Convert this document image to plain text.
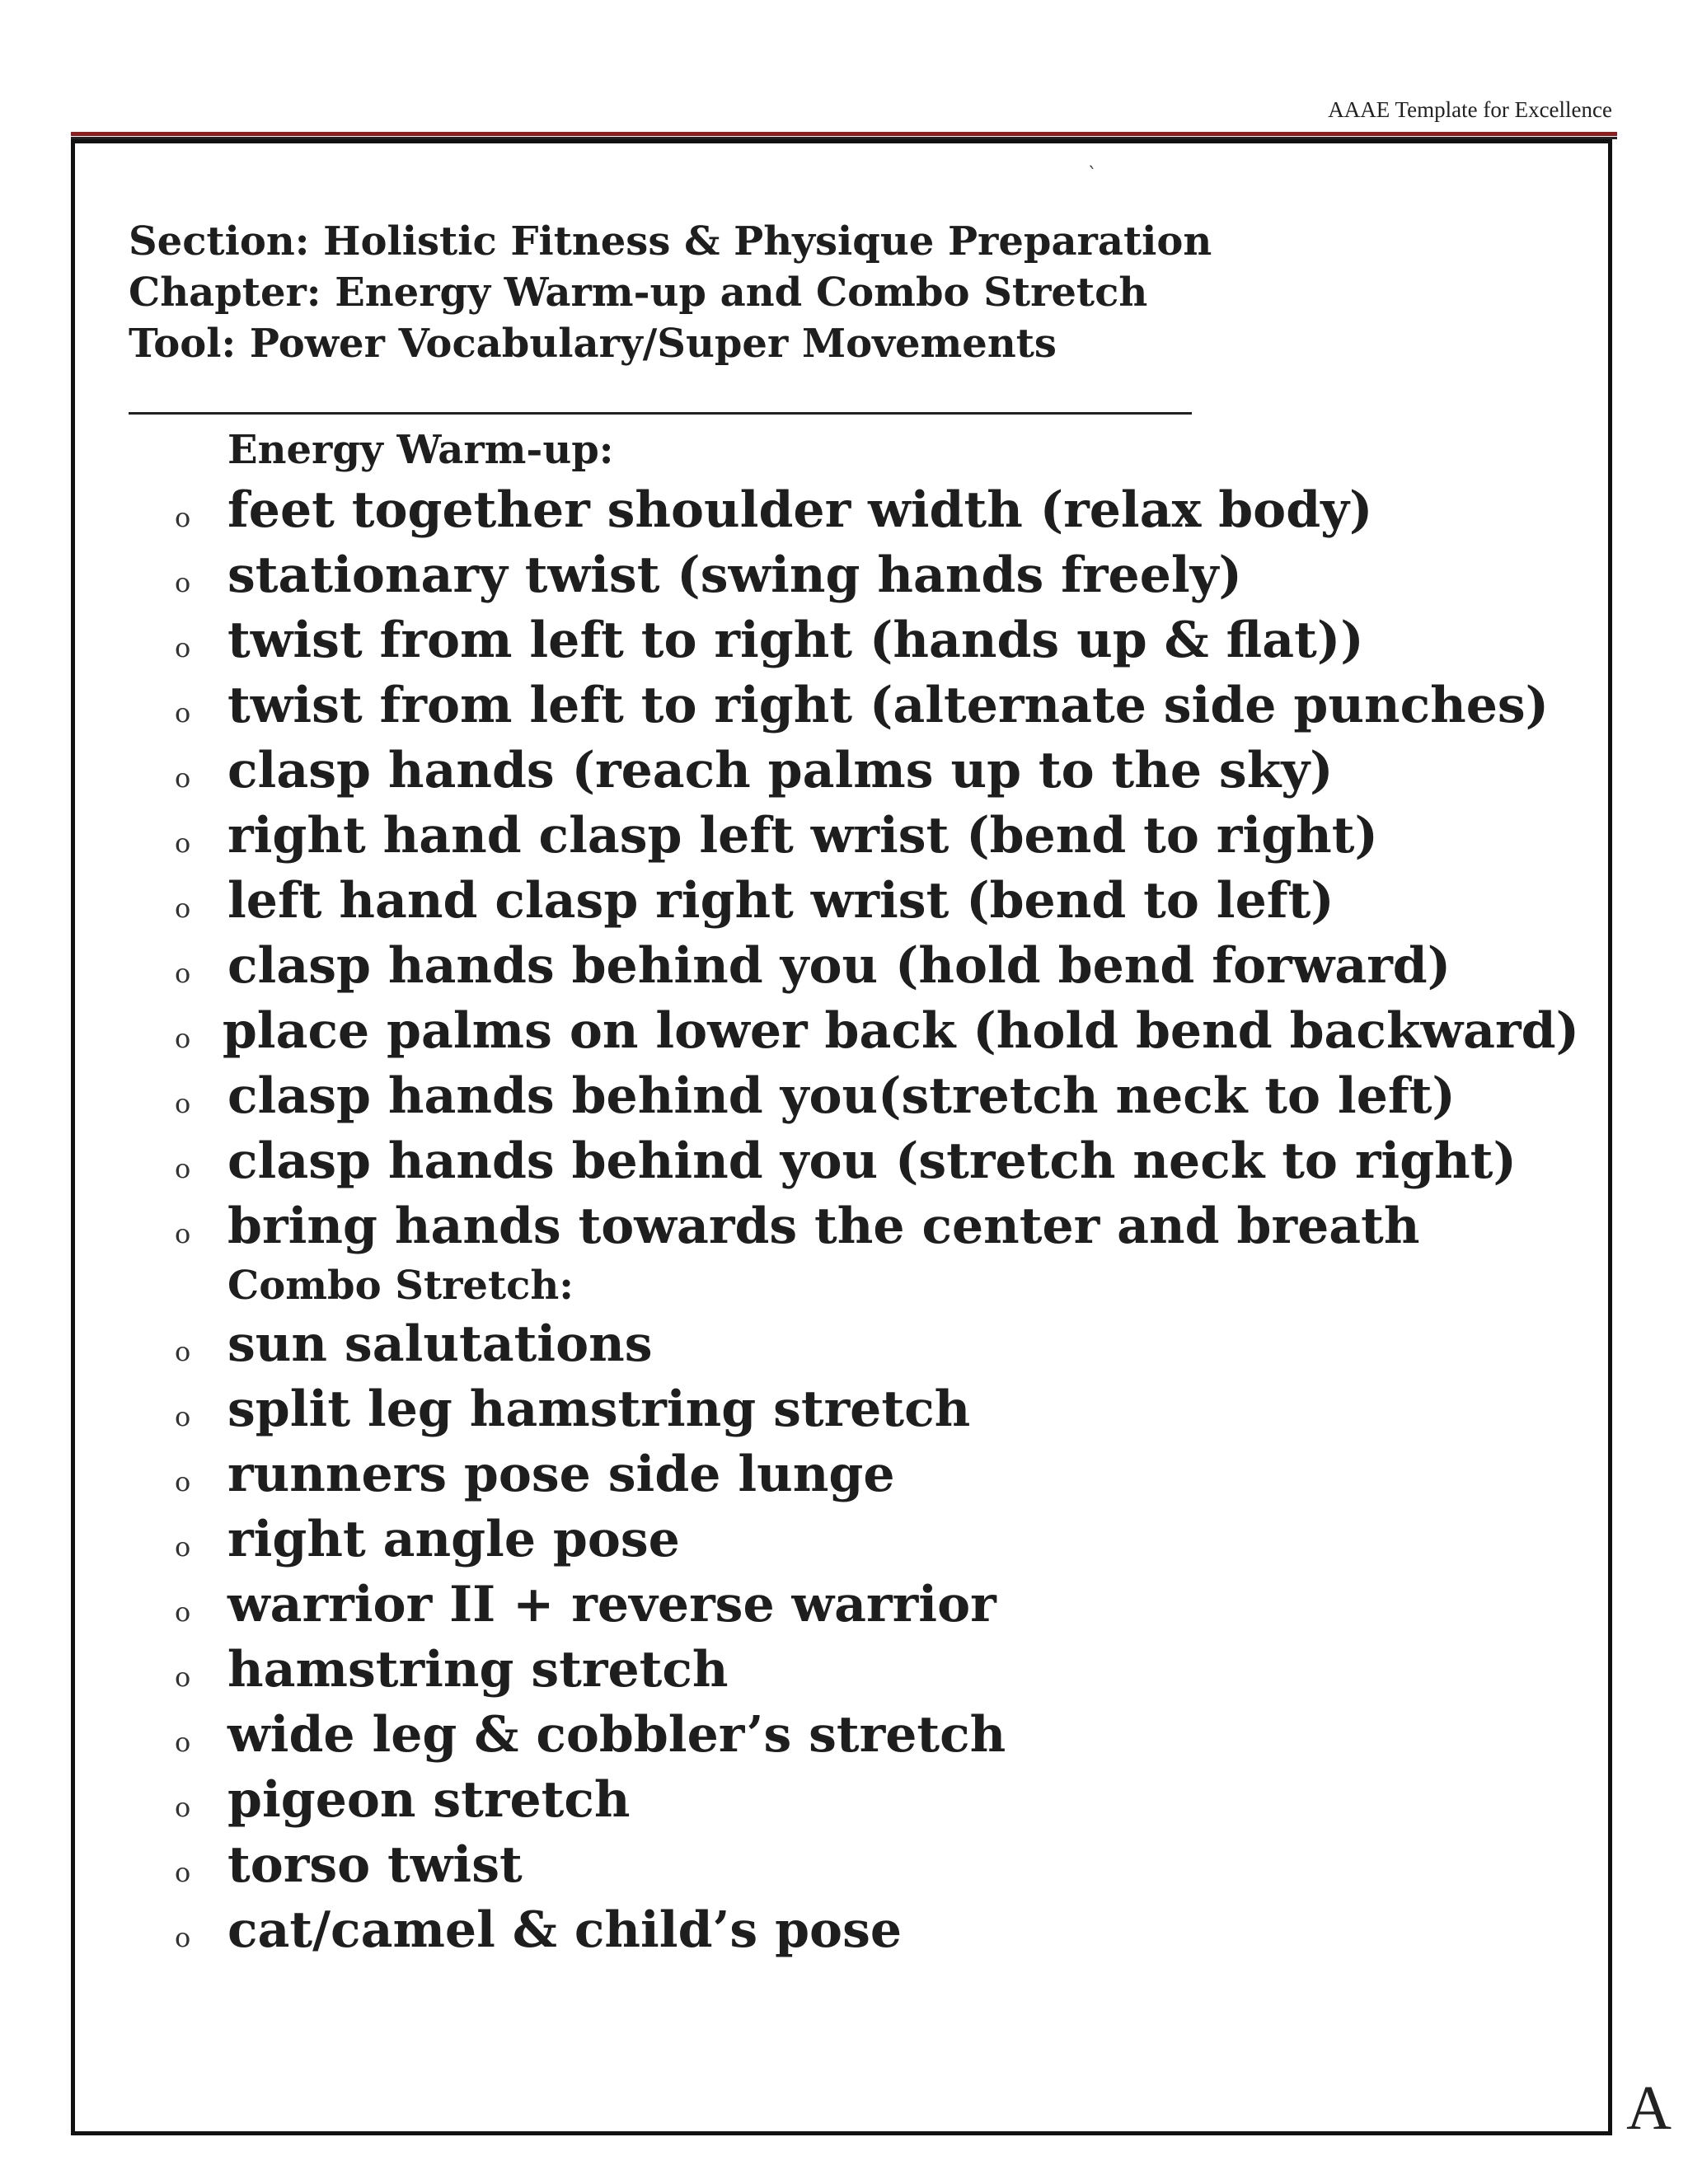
AAAE Template for Excellence
`
Section: Holistic Fitness & Physique Preparation
Chapter: Energy Warm-up and Combo Stretch
Tool: Power Vocabulary/Super Movements
Energy Warm-up:
o feet together shoulder width (relax body)
o stationary twist (swing hands freely)
o twist from left to right (hands up & flat))
o twist from left to right (alternate side punches)
o clasp hands (reach palms up to the sky)
o right hand clasp left wrist (bend to right)
o left hand clasp right wrist (bend to left)
o clasp hands behind you (hold bend forward)
o place palms on lower back (hold bend backward)
o clasp hands behind you(stretch neck to left)
o clasp hands behind you (stretch neck to right)
o bring hands towards the center and breath
Combo Stretch:
o sun salutations
o split leg hamstring stretch
o runners pose side lunge
o right angle pose
o warrior II + reverse warrior
o hamstring stretch
o wide leg & cobbler’s stretch
o pigeon stretch
o torso twist
o cat/camel & child’s pose
A
